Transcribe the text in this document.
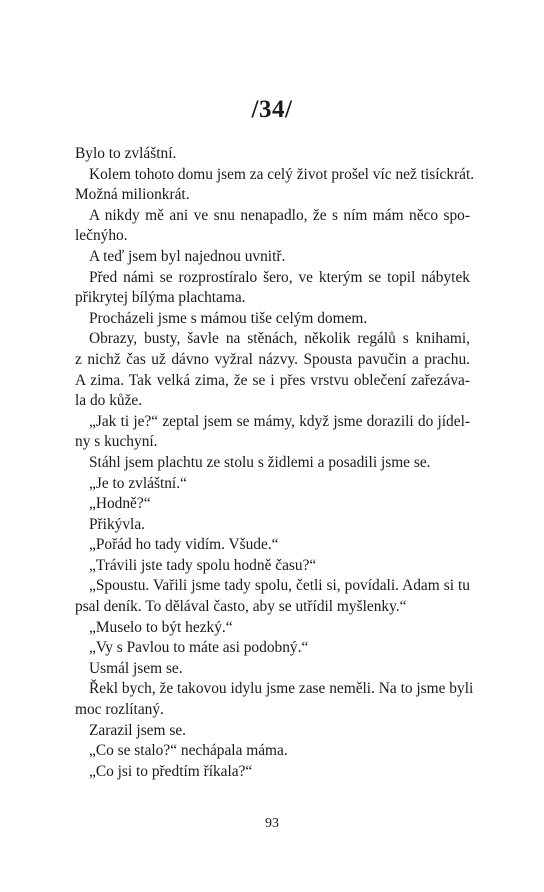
/34/
Bylo to zvláštní.
Kolem tohoto domu jsem za celý život prošel víc než tisíckrát.
Možná milionkrát.
A nikdy mě ani ve snu nenapadlo, že s ním mám něco spo-
lečnýho.
A teď jsem byl najednou uvnitř.
Před námi se rozprostíralo šero, ve kterým se topil nábytek
přikrytej bílýma plachtama.
Procházeli jsme s mámou tiše celým domem.
Obrazy, busty, šavle na stěnách, několik regálů s knihami,
z nichž čas už dávno vyžral názvy. Spousta pavučin a prachu.
A zima. Tak velká zima, že se i přes vrstvu oblečení zařezáva-
la do kůže.
„Jak ti je?“ zeptal jsem se mámy, když jsme dorazili do jídel-
ny s kuchyní.
Stáhl jsem plachtu ze stolu s židlemi a posadili jsme se.
„Je to zvláštní.“
„Hodně?“
Přikývla.
„Pořád ho tady vidím. Všude.“
„Trávili jste tady spolu hodně času?“
„Spoustu. Vařili jsme tady spolu, četli si, povídali. Adam si tu
psal deník. To dělával často, aby se utřídil myšlenky.“
„Muselo to být hezký.“
„Vy s Pavlou to máte asi podobný.“
Usmál jsem se.
Řekl bych, že takovou idylu jsme zase neměli. Na to jsme byli
moc rozlítaný.
Zarazil jsem se.
„Co se stalo?“ nechápala máma.
„Co jsi to předtím říkala?“
93
